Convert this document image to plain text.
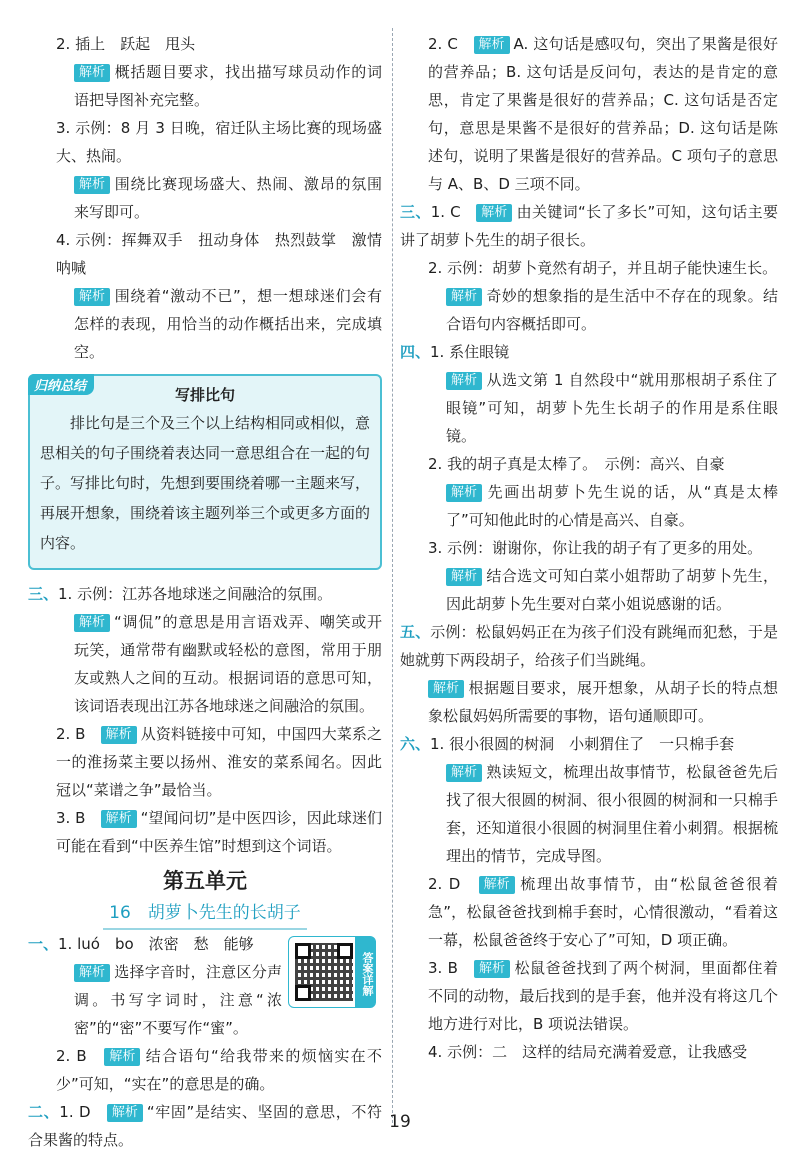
2. 插上　跃起　甩头
解析 概括题目要求，找出描写球员动作的词语把导图补充完整。
3. 示例：8 月 3 日晚，宿迁队主场比赛的现场盛大、热闹。
解析 围绕比赛现场盛大、热闹、激昂的氛围来写即可。
4. 示例：挥舞双手　扭动身体　热烈鼓掌　激情呐喊
解析 围绕着“激动不已”，想一想球迷们会有怎样的表现，用恰当的动作概括出来，完成填空。
归纳总结	写排比句
排比句是三个及三个以上结构相同或相似，意思相关的句子围绕着表达同一意思组合在一起的句子。写排比句时，先想到要围绕着哪一主题来写，再展开想象，围绕着该主题列举三个或更多方面的内容。
三、1. 示例：江苏各地球迷之间融洽的氛围。
解析 “调侃”的意思是用言语戏弄、嘲笑或开玩笑，通常带有幽默或轻松的意图，常用于朋友或熟人之间的互动。根据词语的意思可知，该词语表现出江苏各地球迷之间融洽的氛围。
2. B　 解析 从资料链接中可知，中国四大菜系之一的淮扬菜主要以扬州、淮安的菜系闻名。因此冠以“菜谱之争”最恰当。
3. B　 解析 “望闻问切”是中医四诊，因此球迷们可能在看到“中医养生馆”时想到这个词语。
第五单元
16　胡萝卜先生的长胡子
答案详解
一、1. luó　bo　浓密　愁　能够
解析 选择字音时，注意区分声调。书写字词时，注意“浓密”的“密”不要写作“蜜”。
2. B　 解析 结合语句“给我带来的烦恼实在不少”可知，“实在”的意思是的确。
二、1. D　 解析 “牢固”是结实、坚固的意思，不符合果酱的特点。
2. C　 解析 A. 这句话是感叹句，突出了果酱是很好的营养品；B. 这句话是反问句，表达的是肯定的意思，肯定了果酱是很好的营养品；C. 这句话是否定句，意思是果酱不是很好的营养品；D. 这句话是陈述句，说明了果酱是很好的营养品。C 项句子的意思与 A、B、D 三项不同。
三、1. C　 解析 由关键词“长了多长”可知，这句话主要讲了胡萝卜先生的胡子很长。
2. 示例：胡萝卜竟然有胡子，并且胡子能快速生长。
解析 奇妙的想象指的是生活中不存在的现象。结合语句内容概括即可。
四、1. 系住眼镜
解析 从选文第 1 自然段中“就用那根胡子系住了眼镜”可知，胡萝卜先生长胡子的作用是系住眼镜。
2. 我的胡子真是太棒了。　示例：高兴、自豪
解析 先画出胡萝卜先生说的话，从“真是太棒了”可知他此时的心情是高兴、自豪。
3. 示例：谢谢你，你让我的胡子有了更多的用处。
解析 结合选文可知白菜小姐帮助了胡萝卜先生，因此胡萝卜先生要对白菜小姐说感谢的话。
五、示例：松鼠妈妈正在为孩子们没有跳绳而犯愁，于是她就剪下两段胡子，给孩子们当跳绳。
解析 根据题目要求，展开想象，从胡子长的特点想象松鼠妈妈所需要的事物，语句通顺即可。
六、1. 很小很圆的树洞　小刺猬住了　一只棉手套
解析 熟读短文，梳理出故事情节，松鼠爸爸先后找了很大很圆的树洞、很小很圆的树洞和一只棉手套，还知道很小很圆的树洞里住着小刺猬。根据梳理出的情节，完成导图。
2. D　 解析 梳理出故事情节，由“松鼠爸爸很着急”，松鼠爸爸找到棉手套时，心情很激动，“看着这一幕，松鼠爸爸终于安心了”可知，D 项正确。
3. B　 解析 松鼠爸爸找到了两个树洞，里面都住着不同的动物，最后找到的是手套，他并没有将这几个地方进行对比，B 项说法错误。
4. 示例：二　这样的结局充满着爱意，让我感受
19
